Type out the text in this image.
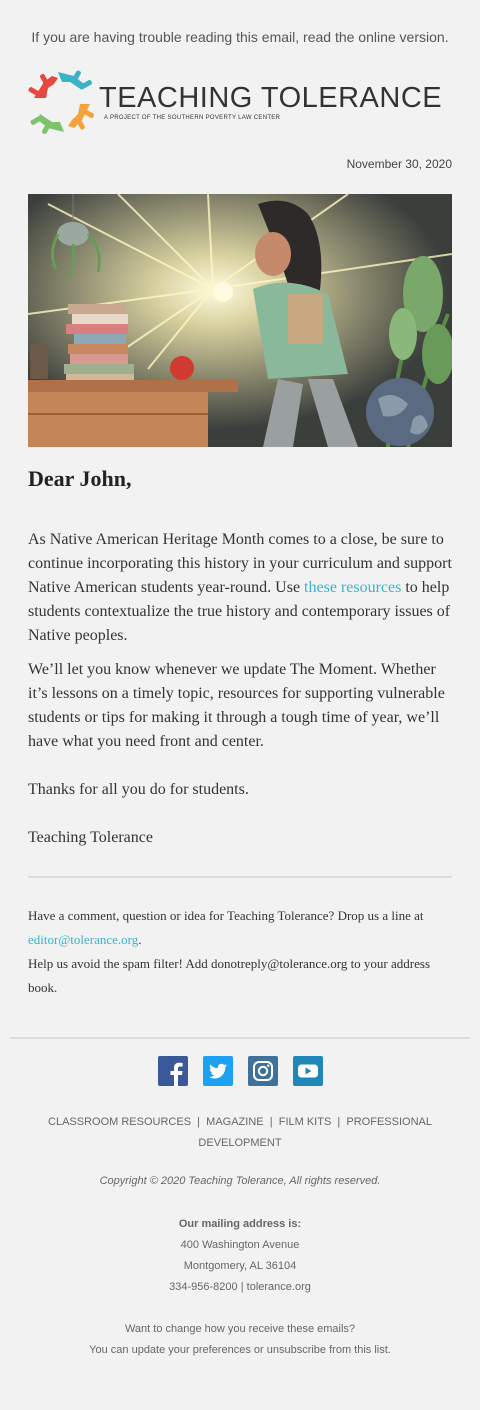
If you are having trouble reading this email, read the online version.
TEACHING TOLERANCE
A PROJECT OF THE SOUTHERN POVERTY LAW CENTER
November 30, 2020
Dear John,

As Native American Heritage Month comes to a close, be sure to continue incorporating this history in your curriculum and support Native American students year-round. Use these resources to help students contextualize the true history and contemporary issues of Native peoples.

We’ll let you know whenever we update The Moment. Whether it’s lessons on a timely topic, resources for supporting vulnerable students or tips for making it through a tough time of year, we’ll have what you need front and center.

Thanks for all you do for students.

Teaching Tolerance

Have a comment, question or idea for Teaching Tolerance? Drop us a line at editor@tolerance.org.

Help us avoid the spam filter! Add donotreply@tolerance.org to your address book.

CLASSROOM RESOURCES | MAGAZINE | FILM KITS | PROFESSIONAL DEVELOPMENT
Copyright © 2020 Teaching Tolerance, All rights reserved.
Our mailing address is:
400 Washington Avenue
Montgomery, AL 36104
334-956-8200 | tolerance.org
Want to change how you receive these emails?
You can update your preferences or unsubscribe from this list.
